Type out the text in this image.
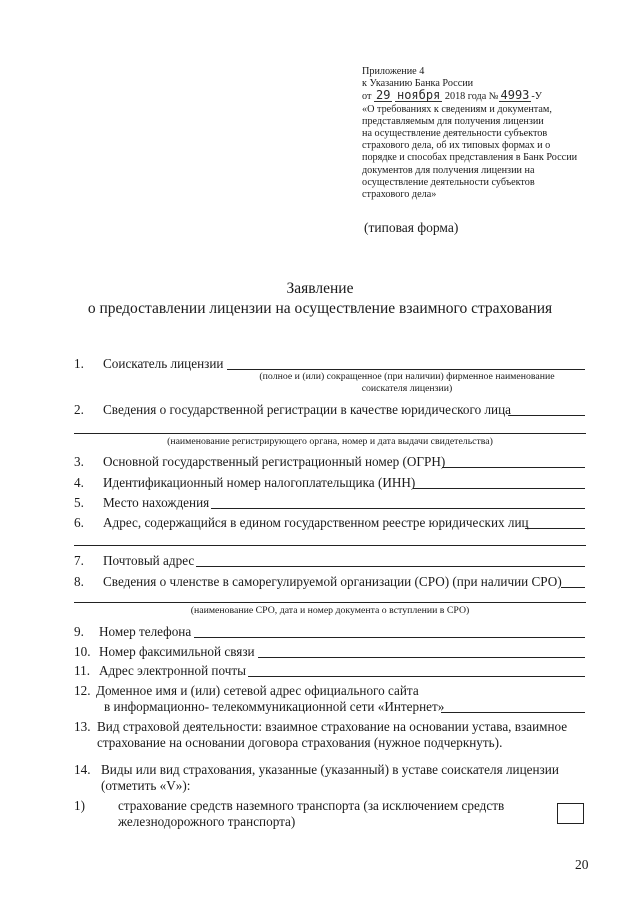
Приложение 4
к Указанию Банка России
от 29 ноября 2018 года № 4993 -У
«О требованиях к сведениям и документам,
представляемым для получения лицензии
на осуществление деятельности субъектов
страхового дела, об их типовых формах и о
порядке и способах представления в Банк России
документов для получения лицензии на
осуществление деятельности субъектов
страхового дела»
(типовая форма)
Заявление
о предоставлении лицензии на осуществление взаимного страхования
1. Соискатель лицензии
(полное и (или) сокращенное (при наличии) фирменное наименование
соискателя лицензии)
2. Сведения о государственной регистрации в качестве юридического лица
(наименование регистрирующего органа, номер и дата выдачи свидетельства)
3. Основной государственный регистрационный номер (ОГРН)
4. Идентификационный номер налогоплательщика (ИНН)
5. Место нахождения
6. Адрес, содержащийся в едином государственном реестре юридических лиц
7. Почтовый адрес
8. Сведения о членстве в саморегулируемой организации (СРО) (при наличии СРО)
(наименование СРО, дата и номер документа о вступлении в СРО)
9. Номер телефона
10. Номер факсимильной связи
11. Адрес электронной почты
12. Доменное имя и (или) сетевой адрес официального сайта
в информационно- телекоммуникационной сети «Интернет»
13. Вид страховой деятельности: взаимное страхование на основании устава, взаимное
страхование на основании договора страхования (нужное подчеркнуть).
14. Виды или вид страхования, указанные (указанный) в уставе соискателя лицензии
(отметить «V»):
1)	страхование средств наземного транспорта (за исключением средств
железнодорожного транспорта)
20
